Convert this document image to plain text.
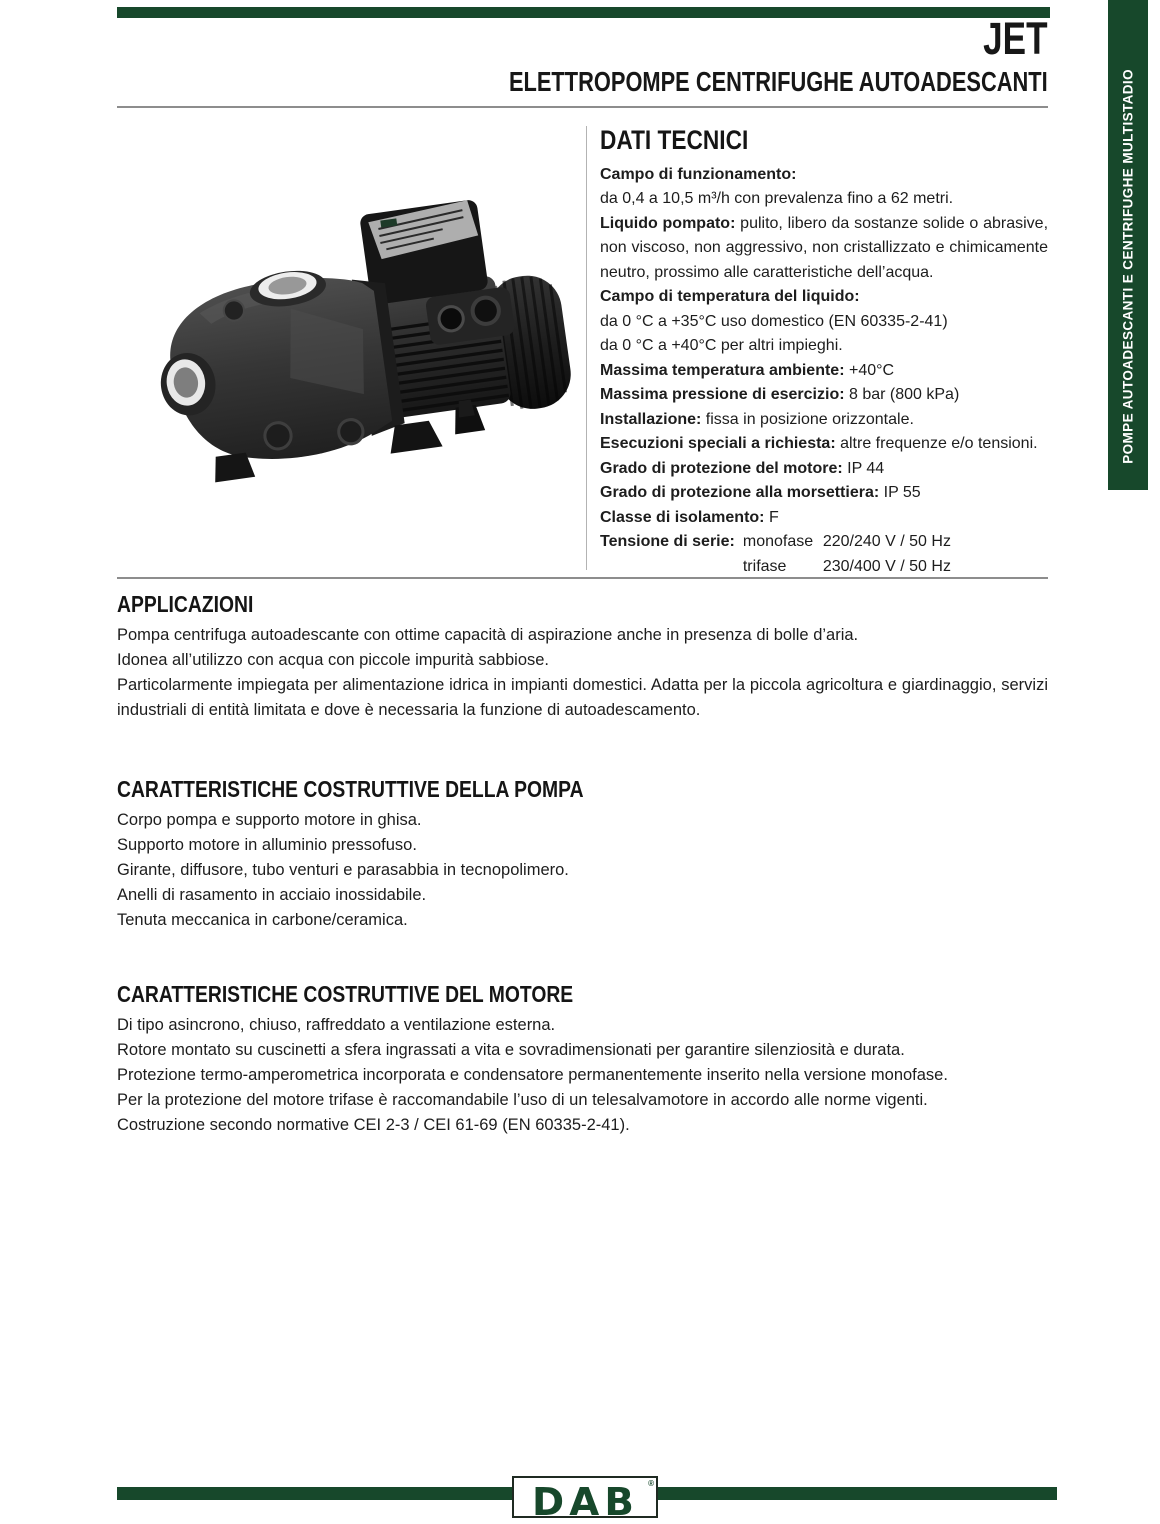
POMPE AUTOADESCANTI E CENTRIFUGHE MULTISTADIO
JET
ELETTROPOMPE CENTRIFUGHE AUTOADESCANTI
DATI TECNICI
Campo di funzionamento:
da 0,4 a 10,5 m³/h con prevalenza fino a 62 metri.
Liquido pompato: pulito, libero da sostanze solide o abrasive, non viscoso, non aggressivo, non cristallizzato e chimicamente neutro, prossimo alle caratteristiche dell’acqua.
Campo di temperatura del liquido:
da 0 °C a +35°C uso domestico (EN 60335-2-41)
da 0 °C a +40°C per altri impieghi.
Massima temperatura ambiente: +40°C
Massima pressione di esercizio: 8 bar (800 kPa)
Installazione: fissa in posizione orizzontale.
Esecuzioni speciali a richiesta: altre frequenze e/o tensioni.
Grado di protezione del motore: IP 44
Grado di protezione alla morsettiera: IP 55
Classe di isolamento: F
Tensione di serie: monofase 220/240 V / 50 Hz
trifase	230/400 V / 50 Hz
APPLICAZIONI

Pompa centrifuga autoadescante con ottime capacità di aspirazione anche in presenza di bolle d’aria.

Idonea all’utilizzo con acqua con piccole impurità sabbiose.

Particolarmente impiegata per alimentazione idrica in impianti domestici. Adatta per la piccola agricoltura e giardinaggio, servizi industriali di entità limitata e dove è necessaria la funzione di autoadescamento.

CARATTERISTICHE COSTRUTTIVE DELLA POMPA

Corpo pompa e supporto motore in ghisa.

Supporto motore in alluminio pressofuso.

Girante, diffusore, tubo venturi e parasabbia in tecnopolimero.

Anelli di rasamento in acciaio inossidabile.

Tenuta meccanica in carbone/ceramica.

CARATTERISTICHE COSTRUTTIVE DEL MOTORE

Di tipo asincrono, chiuso, raffreddato a ventilazione esterna.

Rotore montato su cuscinetti a sfera ingrassati a vita e sovradimensionati per garantire silenziosità e durata.

Protezione termo-amperometrica incorporata e condensatore permanentemente inserito nella versione monofase.

Per la protezione del motore trifase è raccomandabile l’uso di un telesalvamotore in accordo alle norme vigenti.

Costruzione secondo normative CEI 2-3 / CEI 61-69 (EN 60335-2-41).

DAB ®
